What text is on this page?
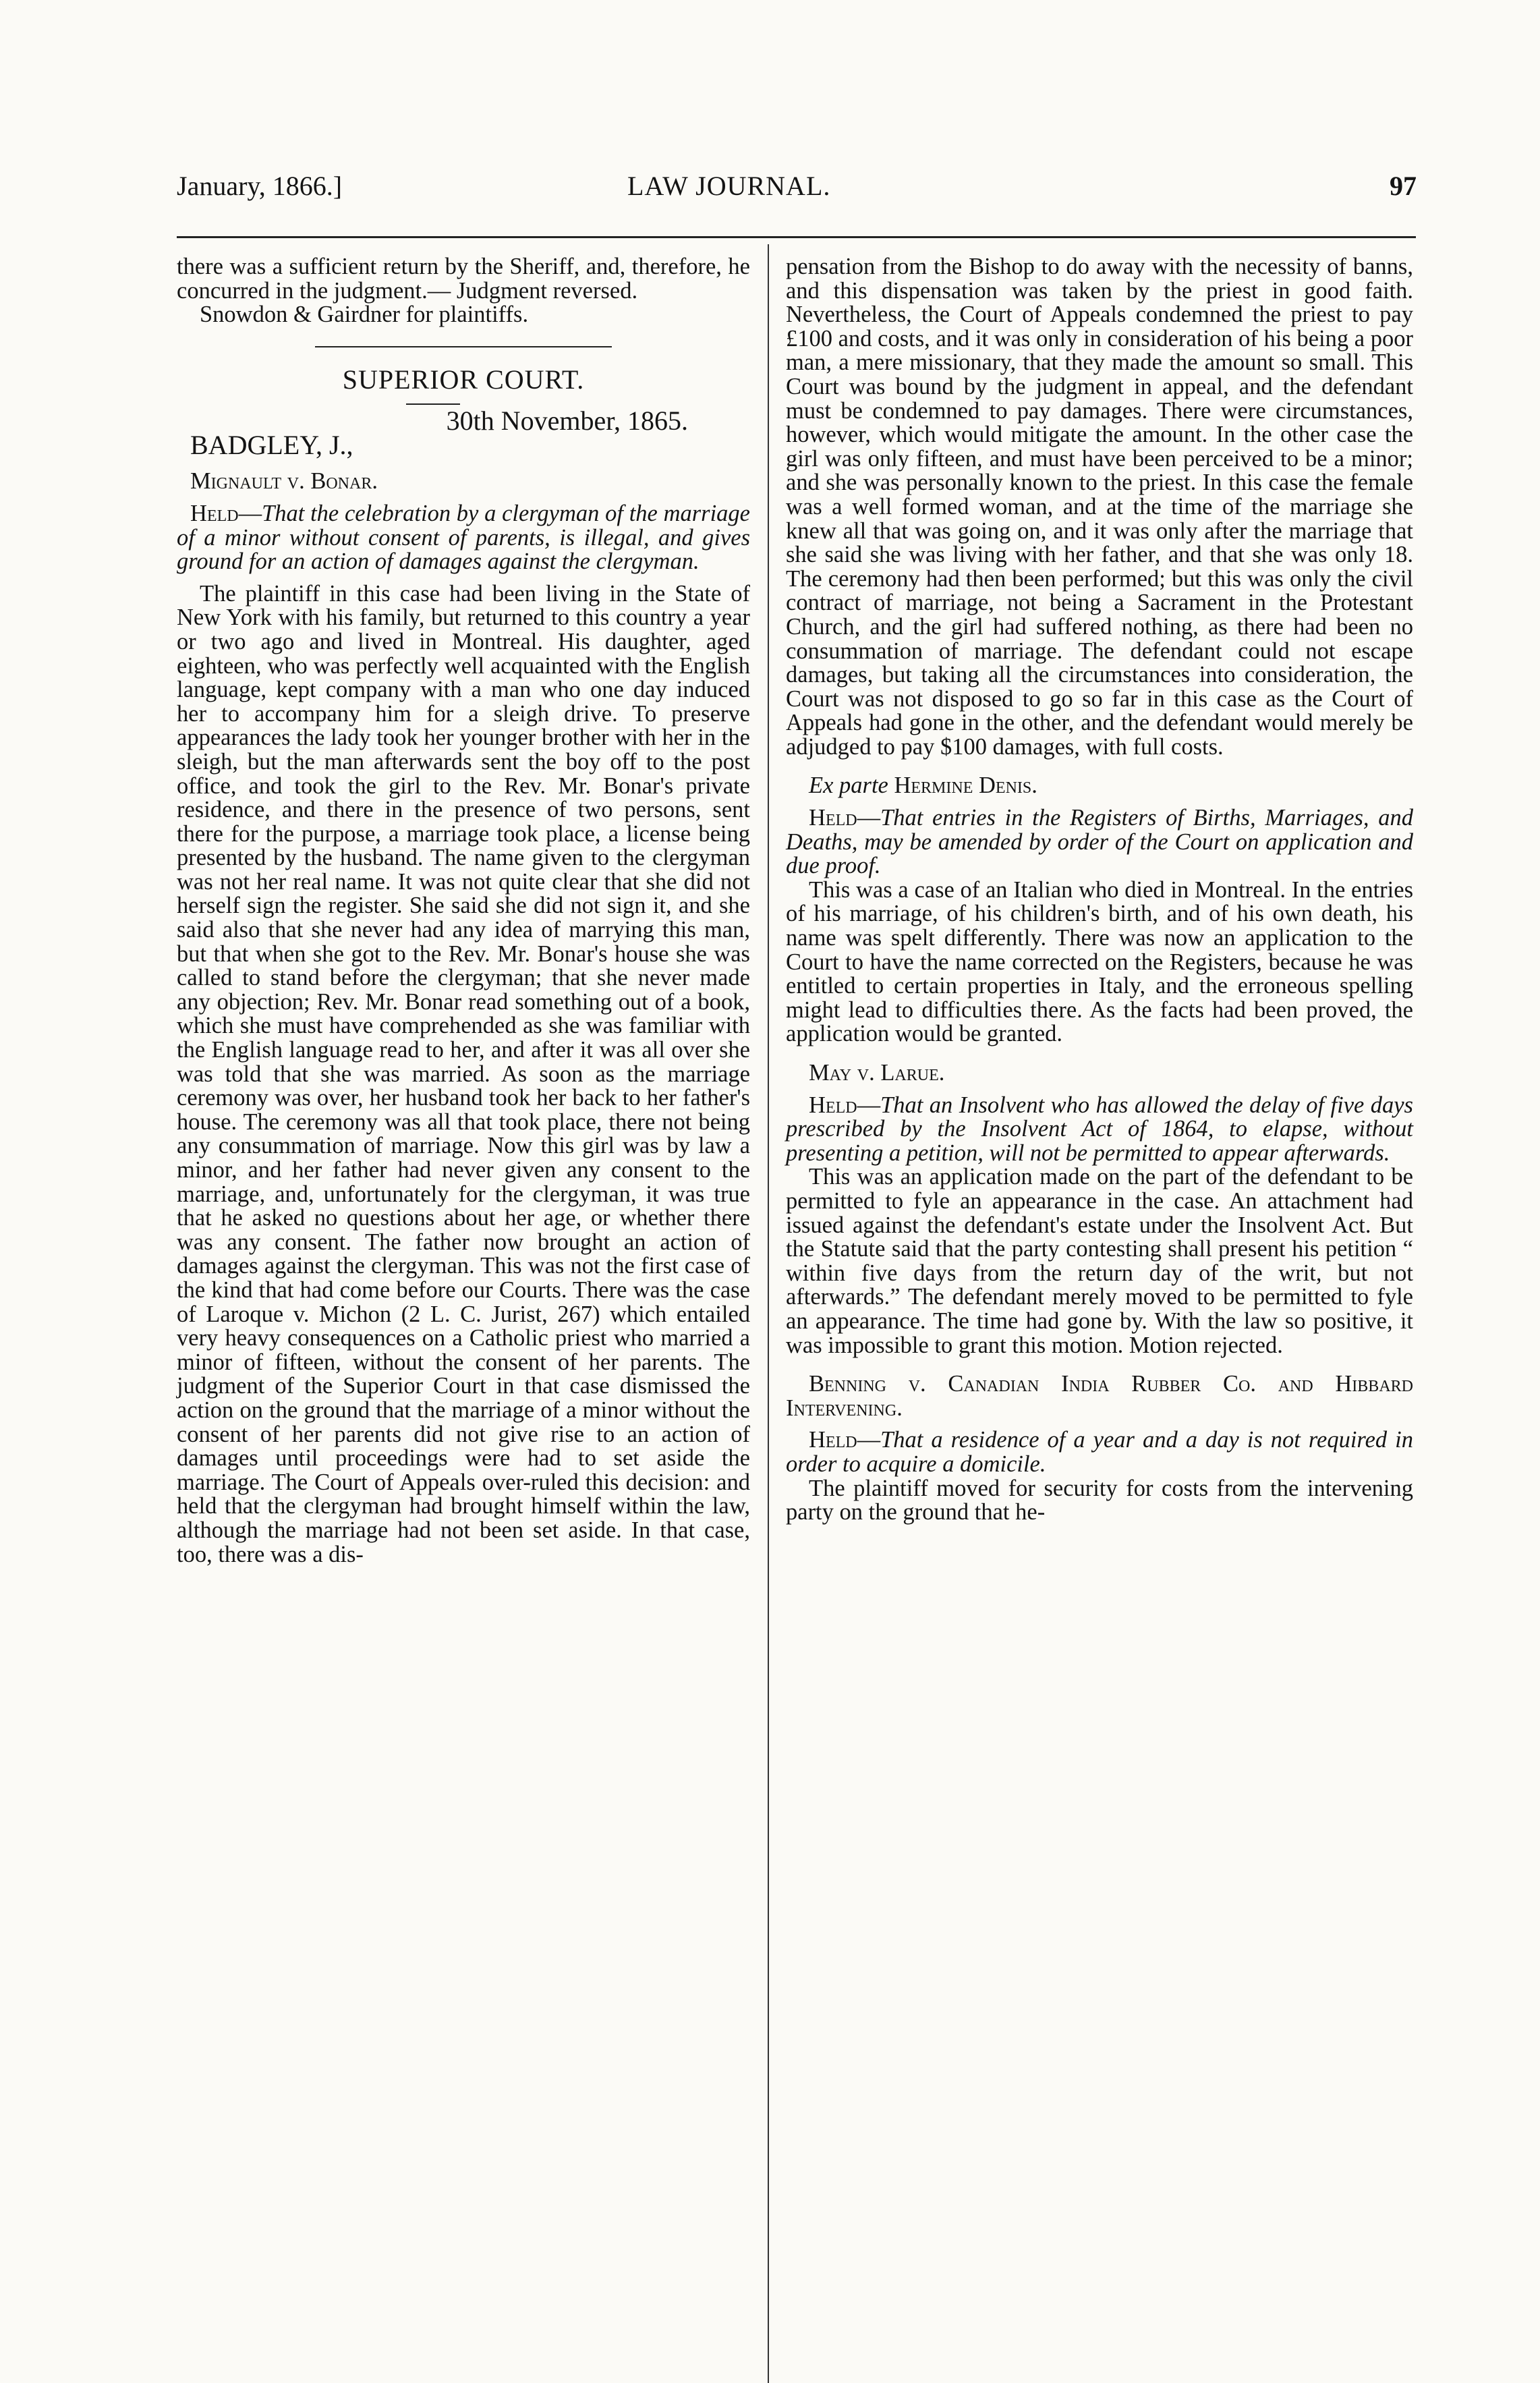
January, 1866.]	LAW JOURNAL.	97

there was a sufficient return by the Sheriff, and, therefore, he concurred in the judgment.— Judgment reversed.

Snowdon & Gairdner for plaintiffs.

SUPERIOR COURT.

30th November, 1865.
BADGLEY, J.,

Mignault v. Bonar.

Held—That the celebration by a clergyman of the marriage of a minor without consent of parents, is illegal, and gives ground for an action of damages against the clergyman.

The plaintiff in this case had been living in the State of New York with his family, but returned to this country a year or two ago and lived in Montreal. His daughter, aged eighteen, who was perfectly well acquainted with the English language, kept company with a man who one day induced her to accompany him for a sleigh drive. To preserve appearances the lady took her younger brother with her in the sleigh, but the man afterwards sent the boy off to the post office, and took the girl to the Rev. Mr. Bonar's private residence, and there in the presence of two persons, sent there for the purpose, a marriage took place, a license being presented by the husband. The name given to the clergyman was not her real name. It was not quite clear that she did not herself sign the register. She said she did not sign it, and she said also that she never had any idea of marrying this man, but that when she got to the Rev. Mr. Bonar's house she was called to stand before the clergyman; that she never made any objection; Rev. Mr. Bonar read something out of a book, which she must have comprehended as she was familiar with the English language read to her, and after it was all over she was told that she was married. As soon as the marriage ceremony was over, her husband took her back to her father's house. The ceremony was all that took place, there not being any consummation of marriage. Now this girl was by law a minor, and her father had never given any consent to the marriage, and, unfortunately for the clergyman, it was true that he asked no questions about her age, or whether there was any consent. The father now brought an action of damages against the clergyman. This was not the first case of the kind that had come before our Courts. There was the case of Laroque v. Michon (2 L. C. Jurist, 267) which entailed very heavy consequences on a Catholic priest who married a minor of fifteen, without the consent of her parents. The judgment of the Superior Court in that case dismissed the action on the ground that the marriage of a minor without the consent of her parents did not give rise to an action of damages until proceedings were had to set aside the marriage. The Court of Appeals over-ruled this decision: and held that the clergyman had brought himself within the law, although the marriage had not been set aside. In that case, too, there was a dis-

pensation from the Bishop to do away with the necessity of banns, and this dispensation was taken by the priest in good faith. Nevertheless, the Court of Appeals condemned the priest to pay £100 and costs, and it was only in consideration of his being a poor man, a mere missionary, that they made the amount so small. This Court was bound by the judgment in appeal, and the defendant must be condemned to pay damages. There were circumstances, however, which would mitigate the amount. In the other case the girl was only fifteen, and must have been perceived to be a minor; and she was personally known to the priest. In this case the female was a well formed woman, and at the time of the marriage she knew all that was going on, and it was only after the marriage that she said she was living with her father, and that she was only 18. The ceremony had then been performed; but this was only the civil contract of marriage, not being a Sacrament in the Protestant Church, and the girl had suffered nothing, as there had been no consummation of marriage. The defendant could not escape damages, but taking all the circumstances into consideration, the Court was not disposed to go so far in this case as the Court of Appeals had gone in the other, and the defendant would merely be adjudged to pay $100 damages, with full costs.

Ex parte Hermine Denis.

Held—That entries in the Registers of Births, Marriages, and Deaths, may be amended by order of the Court on application and due proof.

This was a case of an Italian who died in Montreal. In the entries of his marriage, of his children's birth, and of his own death, his name was spelt differently. There was now an application to the Court to have the name corrected on the Registers, because he was entitled to certain properties in Italy, and the erroneous spelling might lead to difficulties there. As the facts had been proved, the application would be granted.

May v. Larue.

Held—That an Insolvent who has allowed the delay of five days prescribed by the Insolvent Act of 1864, to elapse, without presenting a petition, will not be permitted to appear afterwards.

This was an application made on the part of the defendant to be permitted to fyle an appearance in the case. An attachment had issued against the defendant's estate under the Insolvent Act. But the Statute said that the party contesting shall present his petition “ within five days from the return day of the writ, but not afterwards.” The defendant merely moved to be permitted to fyle an appearance. The time had gone by. With the law so positive, it was impossible to grant this motion. Motion rejected.

Benning v. Canadian India Rubber Co. and Hibbard Intervening.

Held—That a residence of a year and a day is not required in order to acquire a domicile.

The plaintiff moved for security for costs from the intervening party on the ground that he-
